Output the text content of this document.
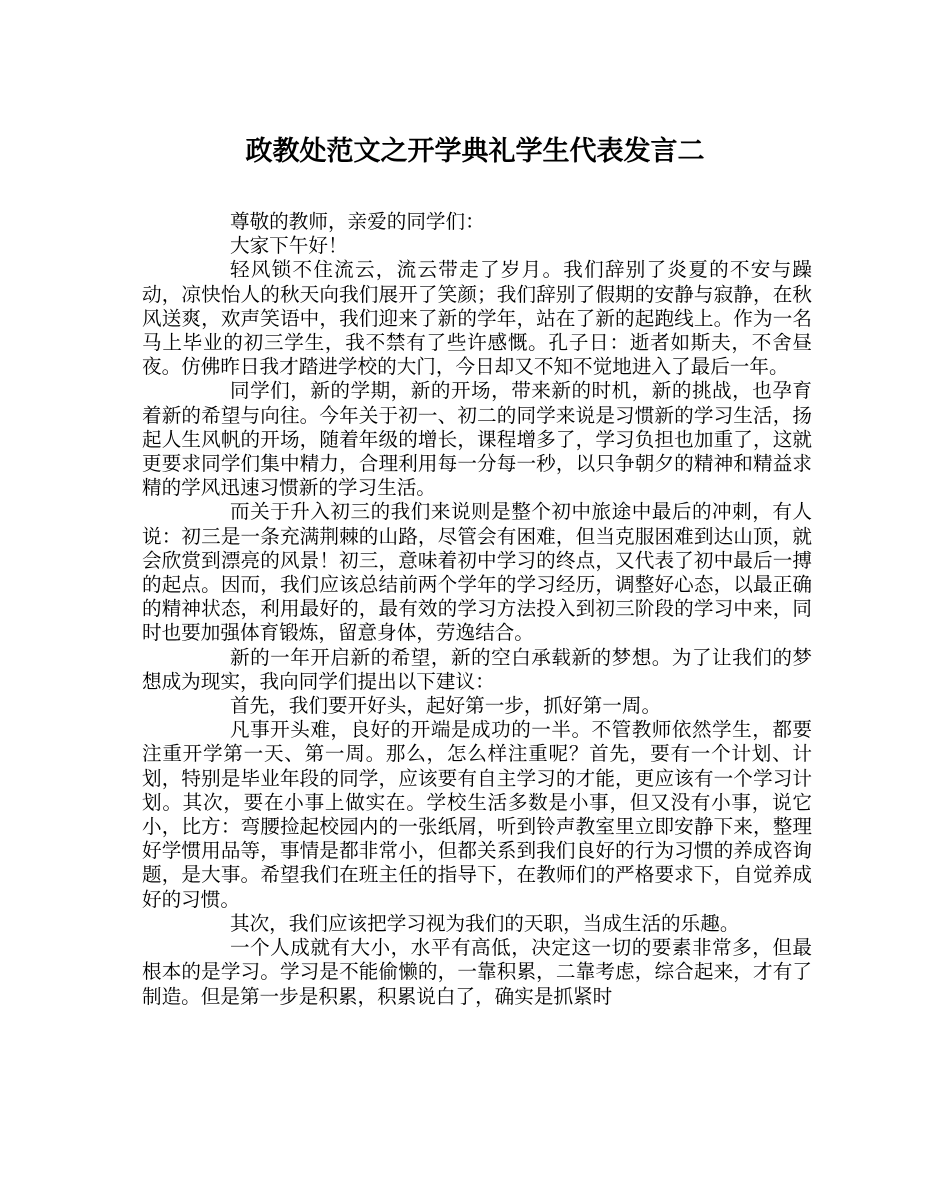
政教处范文之开学典礼学生代表发言二

尊敬的教师，亲爱的同学们：

大家下午好！

轻风锁不住流云，流云带走了岁月。我们辞别了炎夏的不安与躁动，凉快怡人的秋天向我们展开了笑颜；我们辞别了假期的安静与寂静，在秋风送爽，欢声笑语中，我们迎来了新的学年，站在了新的起跑线上。作为一名马上毕业的初三学生，我不禁有了些许感慨。孔子日：逝者如斯夫，不舍昼夜。仿佛昨日我才踏进学校的大门，今日却又不知不觉地进入了最后一年。

同学们，新的学期，新的开场，带来新的时机，新的挑战，也孕育着新的希望与向往。今年关于初一、初二的同学来说是习惯新的学习生活，扬起人生风帆的开场，随着年级的增长，课程增多了，学习负担也加重了，这就更要求同学们集中精力，合理利用每一分每一秒，以只争朝夕的精神和精益求精的学风迅速习惯新的学习生活。

而关于升入初三的我们来说则是整个初中旅途中最后的冲刺，有人说：初三是一条充满荆棘的山路，尽管会有困难，但当克服困难到达山顶，就会欣赏到漂亮的风景！初三，意味着初中学习的终点，又代表了初中最后一搏的起点。因而，我们应该总结前两个学年的学习经历，调整好心态，以最正确的精神状态，利用最好的，最有效的学习方法投入到初三阶段的学习中来，同时也要加强体育锻炼，留意身体，劳逸结合。

新的一年开启新的希望，新的空白承载新的梦想。为了让我们的梦想成为现实，我向同学们提出以下建议：

首先，我们要开好头，起好第一步，抓好第一周。

凡事开头难，良好的开端是成功的一半。不管教师依然学生，都要注重开学第一天、第一周。那么，怎么样注重呢？首先，要有一个计划、计划，特别是毕业年段的同学，应该要有自主学习的才能，更应该有一个学习计划。其次，要在小事上做实在。学校生活多数是小事，但又没有小事，说它小，比方：弯腰捡起校园内的一张纸屑，听到铃声教室里立即安静下来，整理好学惯用品等，事情是都非常小，但都关系到我们良好的行为习惯的养成咨询题，是大事。希望我们在班主任的指导下，在教师们的严格要求下，自觉养成好的习惯。

其次，我们应该把学习视为我们的天职，当成生活的乐趣。

一个人成就有大小，水平有高低，决定这一切的要素非常多，但最根本的是学习。学习是不能偷懒的，一靠积累，二靠考虑，综合起来，才有了制造。但是第一步是积累，积累说白了，确实是抓紧时
